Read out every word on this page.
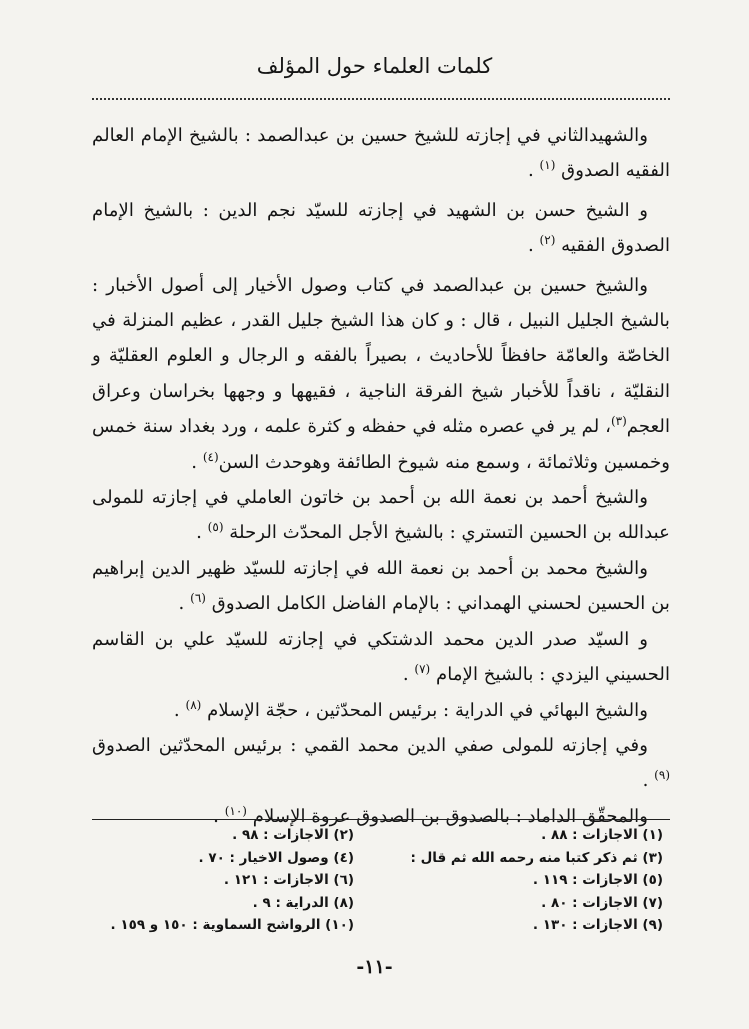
كلمات العلماء حول المؤلف

والشهيدالثاني في إجازته للشيخ حسين بن عبدالصمد : بالشيخ الإمام العالم الفقيه الصدوق $^{(١)}$ .

و الشيخ حسن بن الشهيد في إجازته للسيّد نجم الدين : بالشيخ الإمام الصدوق الفقيه $^{(٢)}$ .

والشيخ حسين بن عبدالصمد في كتاب وصول الأخيار إلى أصول الأخبار : بالشيخ الجليل النبيل ، قال : و كان هذا الشيخ جليل القدر ، عظيم المنزلة في الخاصّة والعامّة حافظاً للأحاديث ، بصيراً بالفقه و الرجال و العلوم العقليّة و النقليّة ، ناقداً للأخبار شيخ الفرقة الناجية ، فقيهها و وجهها بخراسان وعراق العجم$^{(٣)}$، لم ير في عصره مثله في حفظه و كثرة علمه ، ورد بغداد سنة خمس وخمسين وثلاثمائة ، وسمع منه شيوخ الطائفة وهوحدث السن$^{(٤)}$ .

والشيخ أحمد بن نعمة الله بن أحمد بن خاتون العاملي في إجازته للمولى عبدالله بن الحسين التستري : بالشيخ الأجل المحدّث الرحلة $^{(٥)}$ .

والشيخ محمد بن أحمد بن نعمة الله في إجازته للسيّد ظهير الدين إبراهيم بن الحسين لحسني الهمداني : بالإمام الفاضل الكامل الصدوق $^{(٦)}$ .

و السيّد صدر الدين محمد الدشتكي في إجازته للسيّد علي بن القاسم الحسيني اليزدي : بالشيخ الإمام $^{(٧)}$ .

والشيخ البهائي في الدراية : برئيس المحدّثين ، حجّة الإسلام $^{(٨)}$ .

وفي إجازته للمولى صفي الدين محمد القمي : برئيس المحدّثين الصدوق $^{(٩)}$ .

والمحقّق الداماد : بالصدوق بن الصدوق عروة الإسلام $^{(١٠)}$ .

(١) الاجازات : ٨٨ .
(٣) ثم ذكر كتبا منه رحمه الله ثم قال :
(٥) الاجازات : ١١٩ .
(٧) الاجازات : ٨٠ .
(٩) الاجازات : ١٣٠ .
(٢) الاجازات : ٩٨ .
(٤) وصول الاخيار : ٧٠ .
(٦) الاجازات : ١٢١ .
(٨) الدراية : ٩ .
(١٠) الرواشح السماوية : ١٥٠ و ١٥٩ .
-١١-
